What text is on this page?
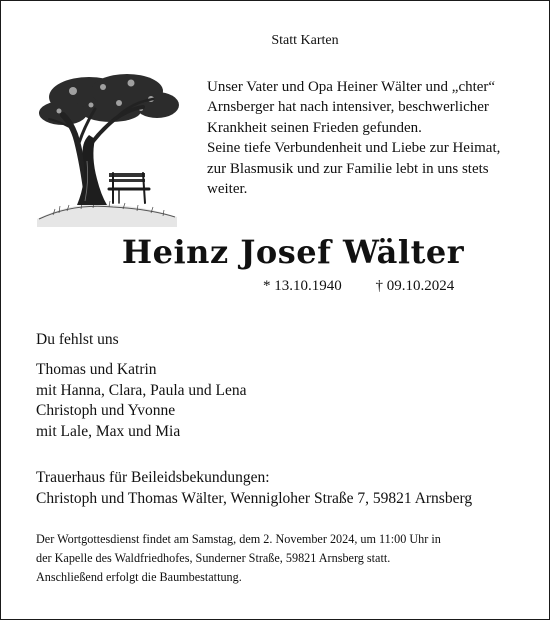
Statt Karten

Unser Vater und Opa Heiner Wälter und „chter“
Arnsberger hat nach intensiver, beschwerlicher
Krankheit seinen Frieden gefunden.
Seine tiefe Verbundenheit und Liebe zur Heimat,
zur Blasmusik und zur Familie lebt in uns stets
weiter.

Heinz Josef Wälter
* 13.10.1940 † 09.10.2024
Du fehlst uns
Thomas und Katrin
mit Hanna, Clara, Paula und Lena
Christoph und Yvonne
mit Lale, Max und Mia
Trauerhaus für Beileidsbekundungen:
Christoph und Thomas Wälter, Wennigloher Straße 7, 59821 Arnsberg
Der Wortgottesdienst findet am Samstag, dem 2. November 2024, um 11:00 Uhr in
der Kapelle des Waldfriedhofes, Sunderner Straße, 59821 Arnsberg statt.
Anschließend erfolgt die Baumbestattung.
